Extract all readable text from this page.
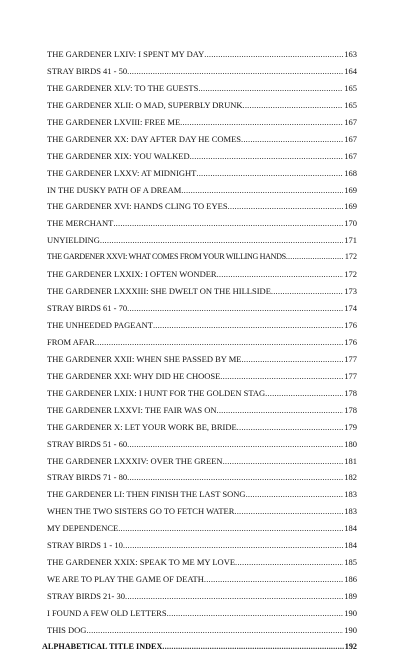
THE GARDENER LXIV: I SPENT MY DAY .....	163
STRAY BIRDS 41 - 50 .....	164
THE GARDENER XLV: TO THE GUESTS .....	165
THE GARDENER XLII: O MAD, SUPERBLY DRUNK .....	165
THE GARDENER LXVIII: FREE ME .....	167
THE GARDENER XX: DAY AFTER DAY HE COMES .....	167
THE GARDENER XIX: YOU WALKED .....	167
THE GARDENER LXXV: AT MIDNIGHT .....	168
IN THE DUSKY PATH OF A DREAM .....	169
THE GARDENER XVI: HANDS CLING TO EYES .....	169
THE MERCHANT .....	170
UNYIELDING .....	171
THE GARDENER XXVI: WHAT COMES FROM YOUR WILLING HANDS .....	172
THE GARDENER LXXIX: I OFTEN WONDER .....	172
THE GARDENER LXXXIII: SHE DWELT ON THE HILLSIDE .....	173
STRAY BIRDS 61 - 70 .....	174
THE UNHEEDED PAGEANT .....	176
FROM AFAR .....	176
THE GARDENER XXII: WHEN SHE PASSED BY ME .....	177
THE GARDENER XXI: WHY DID HE CHOOSE .....	177
THE GARDENER LXIX: I HUNT FOR THE GOLDEN STAG .....	178
THE GARDENER LXXVI: THE FAIR WAS ON .....	178
THE GARDENER X: LET YOUR WORK BE, BRIDE .....	179
STRAY BIRDS 51 - 60 .....	180
THE GARDENER LXXXIV: OVER THE GREEN .....	181
STRAY BIRDS 71 - 80 .....	182
THE GARDENER LI: THEN FINISH THE LAST SONG .....	183
WHEN THE TWO SISTERS GO TO FETCH WATER .....	183
MY DEPENDENCE .....	184
STRAY BIRDS 1 - 10 .....	184
THE GARDENER XXIX: SPEAK TO ME MY LOVE .....	185
WE ARE TO PLAY THE GAME OF DEATH .....	186
STRAY BIRDS 21- 30 .....	189
I FOUND A FEW OLD LETTERS .....	190
THIS DOG .....	190
ALPHABETICAL TITLE INDEX .....	192
